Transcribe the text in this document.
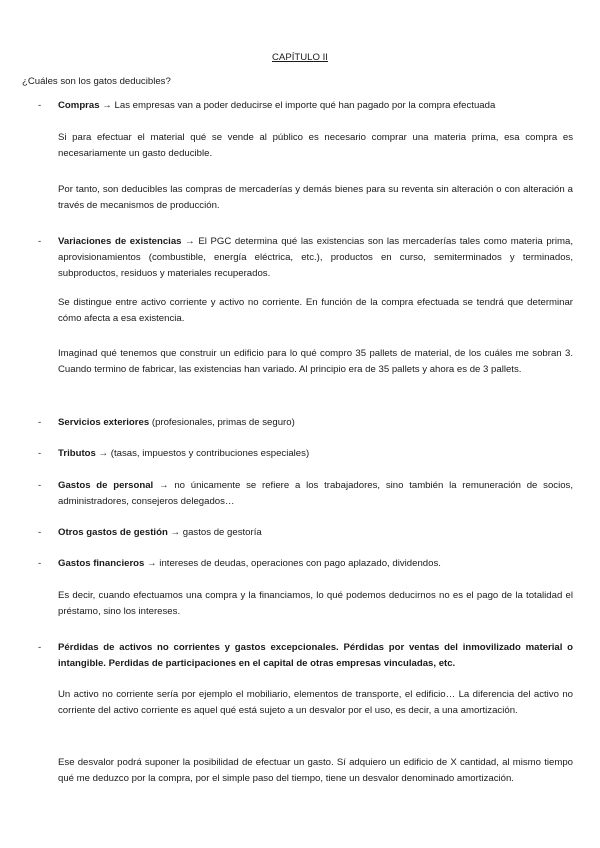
CAPÍTULO II
¿Cuáles son los gatos deducibles?
-	Compras → Las empresas van a poder deducirse el importe qué han pagado por la compra efectuada
Si para efectuar el material qué se vende al público es necesario comprar una materia prima, esa compra es necesariamente un gasto deducible.
Por tanto, son deducibles las compras de mercaderías y demás bienes para su reventa sin alteración o con alteración a través de mecanismos de producción.
-	Variaciones de existencias → El PGC determina qué las existencias son las mercaderías tales como materia prima, aprovisionamientos (combustible, energía eléctrica, etc.), productos en curso, semiterminados y terminados, subproductos, residuos y materiales recuperados.
Se distingue entre activo corriente y activo no corriente. En función de la compra efectuada se tendrá que determinar cómo afecta a esa existencia.
Imaginad qué tenemos que construir un edificio para lo qué compro 35 pallets de material, de los cuáles me sobran 3. Cuando termino de fabricar, las existencias han variado. Al principio era de 35 pallets y ahora es de 3 pallets.
-	Servicios exteriores (profesionales, primas de seguro)
-	Tributos → (tasas, impuestos y contribuciones especiales)
-	Gastos de personal → no únicamente se refiere a los trabajadores, sino también la remuneración de socios, administradores, consejeros delegados…
-	Otros gastos de gestión → gastos de gestoría
-	Gastos financieros → intereses de deudas, operaciones con pago aplazado, dividendos.
Es decir, cuando efectuamos una compra y la financiamos, lo qué podemos deducirnos no es el pago de la totalidad el préstamo, sino los intereses.
-	Pérdidas de activos no corrientes y gastos excepcionales. Pérdidas por ventas del inmovilizado material o intangible. Perdidas de participaciones en el capital de otras empresas vinculadas, etc.
Un activo no corriente sería por ejemplo el mobiliario, elementos de transporte, el edificio… La diferencia del activo no corriente del activo corriente es aquel qué está sujeto a un desvalor por el uso, es decir, a una amortización.
Ese desvalor podrá suponer la posibilidad de efectuar un gasto. Sí adquiero un edificio de X cantidad, al mismo tiempo qué me deduzco por la compra, por el simple paso del tiempo, tiene un desvalor denominado amortización.
